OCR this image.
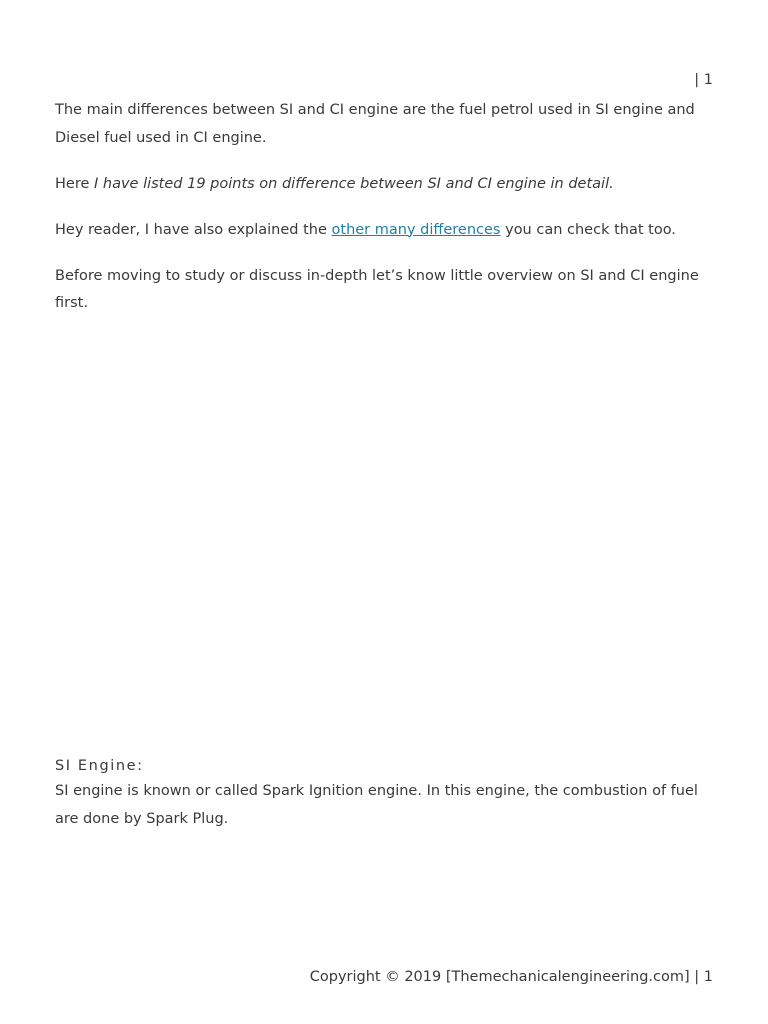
| 1

The main differences between SI and CI engine are the fuel petrol used in SI engine and Diesel fuel used in CI engine.

Here I have listed 19 points on difference between SI and CI engine in detail.

Hey reader, I have also explained the other many differences you can check that too.

Before moving to study or discuss in-depth let’s know little overview on SI and CI engine first.

SI Engine:

SI engine is known or called Spark Ignition engine. In this engine, the combustion of fuel are done by Spark Plug.

Copyright © 2019 [Themechanicalengineering.com] | 1
